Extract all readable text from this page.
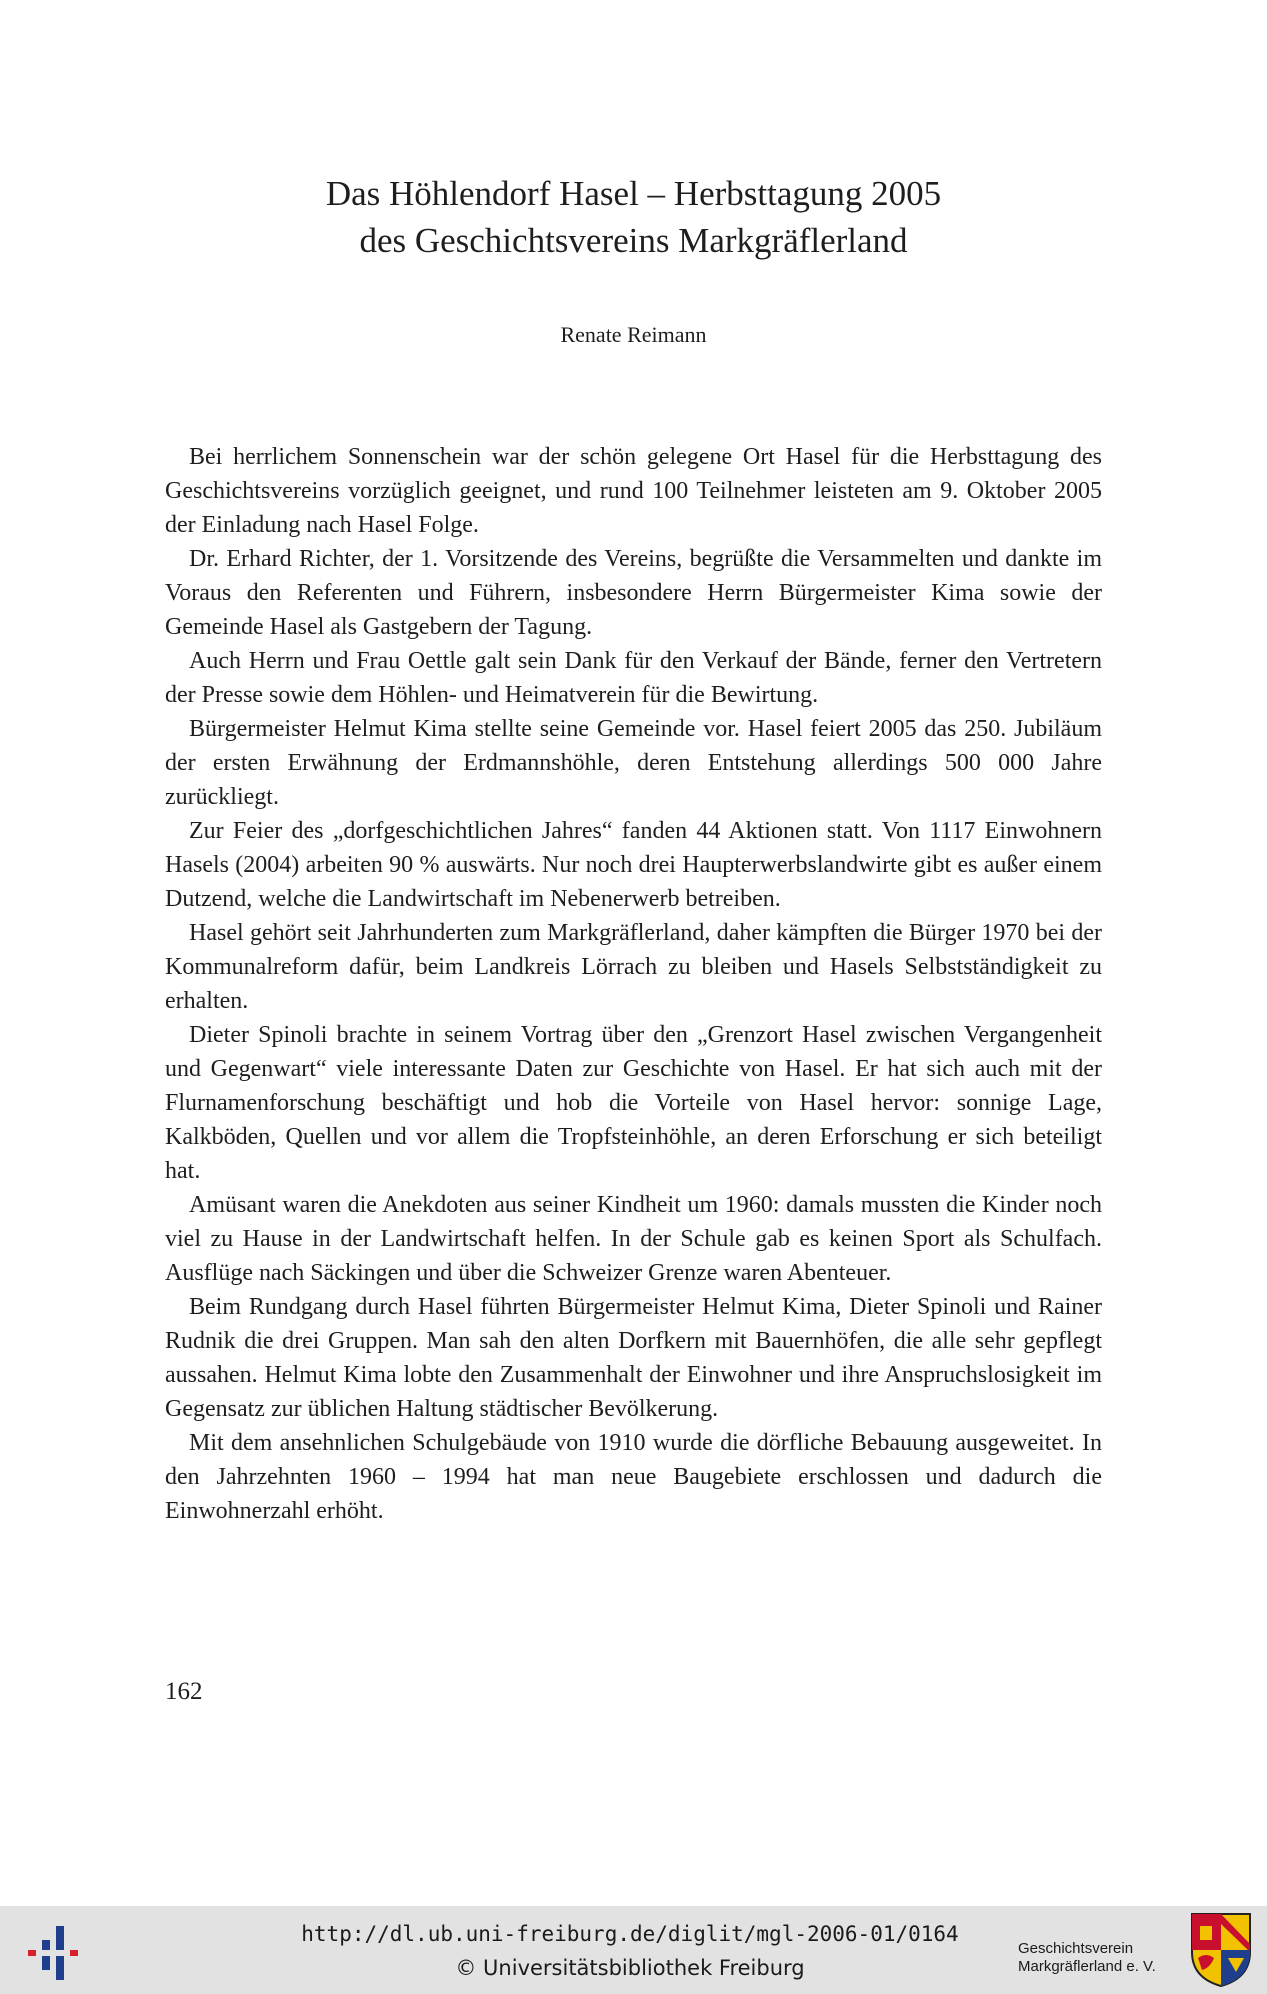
Das Höhlendorf Hasel – Herbsttagung 2005
des Geschichtsvereins Markgräflerland
Renate Reimann

Bei herrlichem Sonnenschein war der schön gelegene Ort Hasel für die Herbsttagung des Geschichtsvereins vorzüglich geeignet, und rund 100 Teilnehmer leisteten am 9. Oktober 2005 der Einladung nach Hasel Folge.

Dr. Erhard Richter, der 1. Vorsitzende des Vereins, begrüßte die Versammelten und dankte im Voraus den Referenten und Führern, insbesondere Herrn Bürgermeister Kima sowie der Gemeinde Hasel als Gastgebern der Tagung.

Auch Herrn und Frau Oettle galt sein Dank für den Verkauf der Bände, ferner den Vertretern der Presse sowie dem Höhlen- und Heimatverein für die Bewirtung.

Bürgermeister Helmut Kima stellte seine Gemeinde vor. Hasel feiert 2005 das 250. Jubiläum der ersten Erwähnung der Erdmannshöhle, deren Entstehung allerdings 500 000 Jahre zurückliegt.

Zur Feier des „dorfgeschichtlichen Jahres“ fanden 44 Aktionen statt. Von 1117 Einwohnern Hasels (2004) arbeiten 90 % auswärts. Nur noch drei Haupterwerbslandwirte gibt es außer einem Dutzend, welche die Landwirtschaft im Nebenerwerb betreiben.

Hasel gehört seit Jahrhunderten zum Markgräflerland, daher kämpften die Bürger 1970 bei der Kommunalreform dafür, beim Landkreis Lörrach zu bleiben und Hasels Selbstständigkeit zu erhalten.

Dieter Spinoli brachte in seinem Vortrag über den „Grenzort Hasel zwischen Vergangenheit und Gegenwart“ viele interessante Daten zur Geschichte von Hasel. Er hat sich auch mit der Flurnamenforschung beschäftigt und hob die Vorteile von Hasel hervor: sonnige Lage, Kalkböden, Quellen und vor allem die Tropfsteinhöhle, an deren Erforschung er sich beteiligt hat.

Amüsant waren die Anekdoten aus seiner Kindheit um 1960: damals mussten die Kinder noch viel zu Hause in der Landwirtschaft helfen. In der Schule gab es keinen Sport als Schulfach. Ausflüge nach Säckingen und über die Schweizer Grenze waren Abenteuer.

Beim Rundgang durch Hasel führten Bürgermeister Helmut Kima, Dieter Spinoli und Rainer Rudnik die drei Gruppen. Man sah den alten Dorfkern mit Bauernhöfen, die alle sehr gepflegt aussahen. Helmut Kima lobte den Zusammenhalt der Einwohner und ihre Anspruchslosigkeit im Gegensatz zur üblichen Haltung städtischer Bevölkerung.

Mit dem ansehnlichen Schulgebäude von 1910 wurde die dörfliche Bebauung ausgeweitet. In den Jahrzehnten 1960 – 1994 hat man neue Baugebiete erschlossen und dadurch die Einwohnerzahl erhöht.

162
http://dl.ub.uni-freiburg.de/diglit/mgl-2006-01/0164
© Universitätsbibliothek Freiburg
Geschichtsverein
Markgräflerland e. V.
